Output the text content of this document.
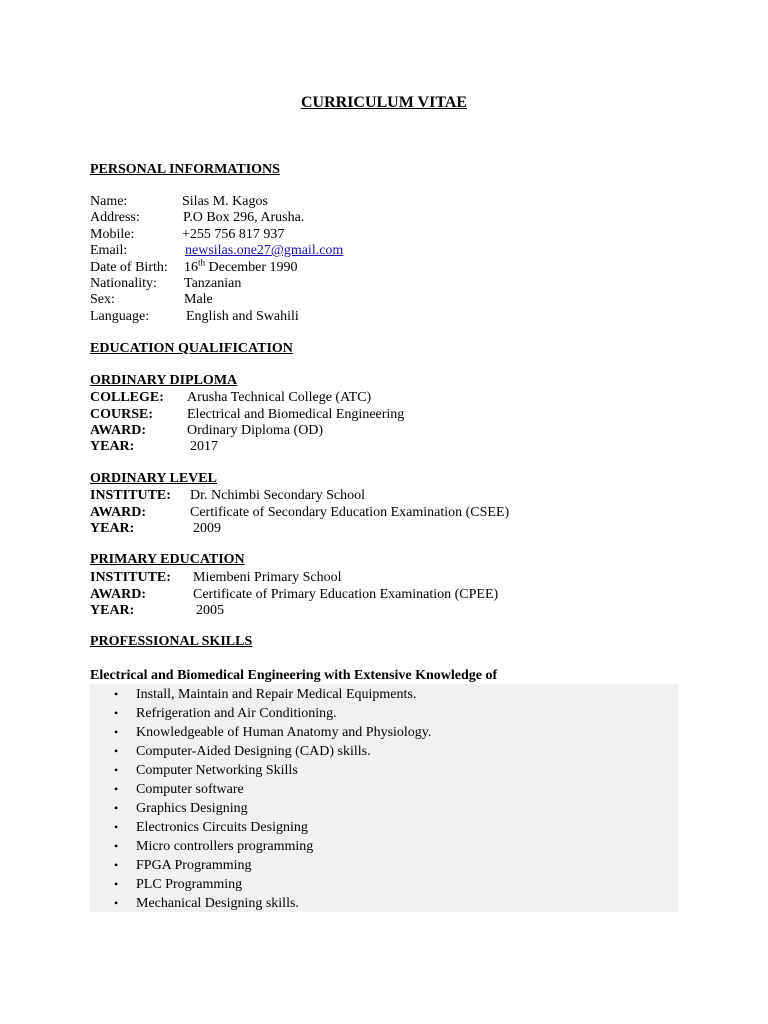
CURRICULUM VITAE
PERSONAL INFORMATIONS
Name:	Silas M. Kagos
Address:	P.O Box 296, Arusha.
Mobile:	+255 756 817 937
Email:	newsilas.one27@gmail.com
Date of Birth: 16th December 1990
Nationality: Tanzanian
Sex:	Male
Language:	English and Swahili
EDUCATION QUALIFICATION
ORDINARY DIPLOMA
COLLEGE: Arusha Technical College (ATC)
COURSE: Electrical and Biomedical Engineering
AWARD:	Ordinary Diploma (OD)
YEAR:	2017
ORDINARY LEVEL
INSTITUTE: Dr. Nchimbi Secondary School
AWARD:	Certificate of Secondary Education Examination (CSEE)
YEAR:	2009
PRIMARY EDUCATION
INSTITUTE: Miembeni Primary School
AWARD:	Certificate of Primary Education Examination (CPEE)
YEAR:	2005
PROFESSIONAL SKILLS
Electrical and Biomedical Engineering with Extensive Knowledge of
• Install, Maintain and Repair Medical Equipments.
• Refrigeration and Air Conditioning.
• Knowledgeable of Human Anatomy and Physiology.
• Computer-Aided Designing (CAD) skills.
• Computer Networking Skills
• Computer software
• Graphics Designing
• Electronics Circuits Designing
• Micro controllers programming
• FPGA Programming
• PLC Programming
• Mechanical Designing skills.
